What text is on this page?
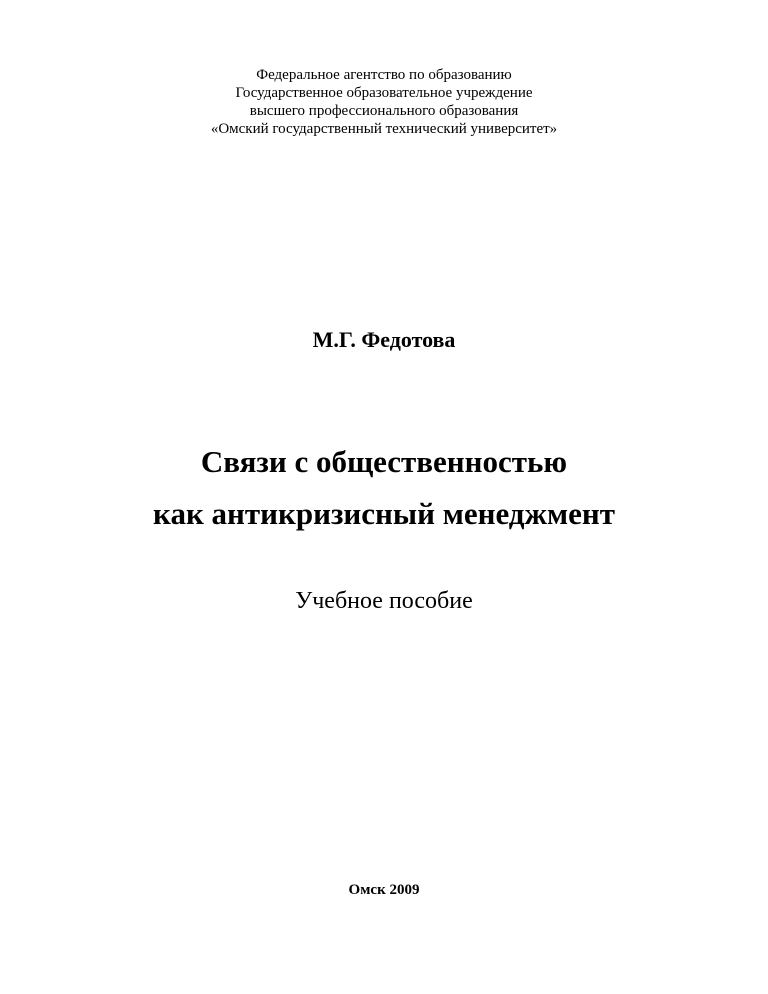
Федеральное агентство по образованию
Государственное образовательное учреждение
высшего профессионального образования
«Омский государственный технический университет»
М.Г. Федотова
Связи с общественностью
как антикризисный менеджмент
Учебное пособие
Омск 2009
